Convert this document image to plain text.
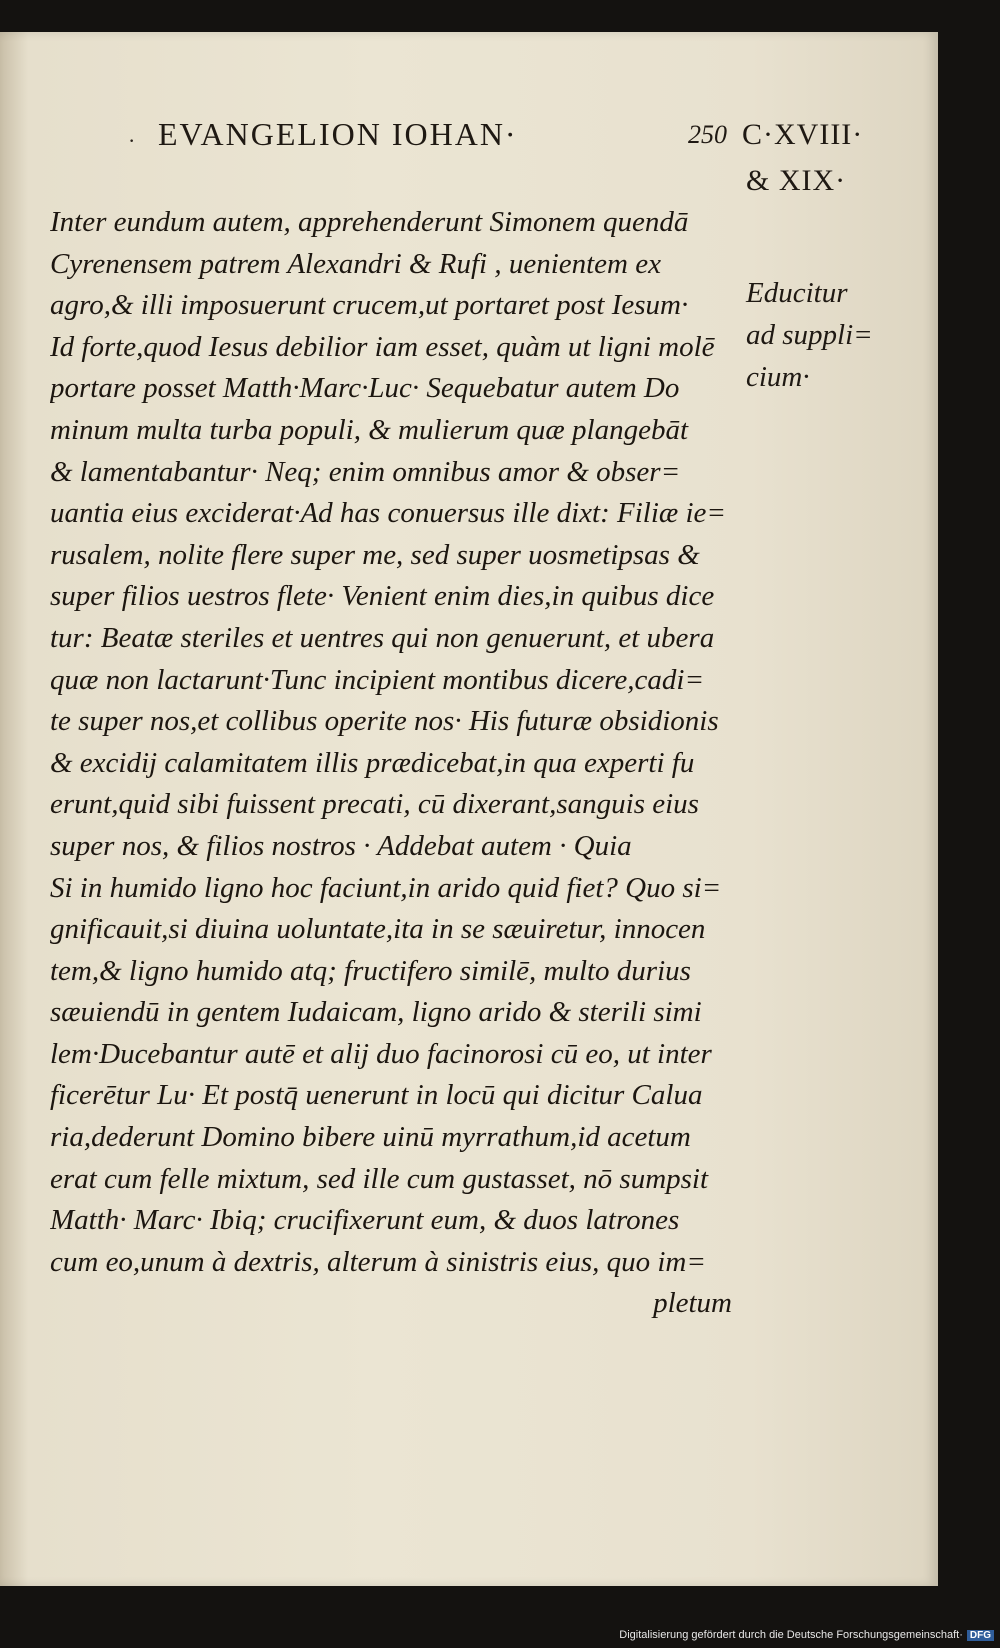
· EVANGELION IOHAN·	250 C·XVIII·
& XIX·
Educitur
ad suppli=
cium·
Inter eundum autem, apprehenderunt Simonem quendā
Cyrenensem patrem Alexandri & Rufi , uenientem ex
agro,& illi imposuerunt crucem,ut portaret post Iesum·
Id forte,quod Iesus debilior iam esset, quàm ut ligni molē
portare posset Matth·Marc·Luc· Sequebatur autem Do
minum multa turba populi, & mulierum quæ plangebāt
& lamentabantur· Neq; enim omnibus amor & obser=
uantia eius exciderat·Ad has conuersus ille dixt: Filiæ ie=
rusalem, nolite flere super me, sed super uosmetipsas &
super filios uestros flete· Venient enim dies,in quibus dice
tur: Beatæ steriles et uentres qui non genuerunt, et ubera
quæ non lactarunt·Tunc incipient montibus dicere,cadi=
te super nos,et collibus operite nos· His futuræ obsidionis
& excidij calamitatem illis prædicebat,in qua experti fu
erunt,quid sibi fuissent precati, cū dixerant,sanguis eius
super nos, & filios nostros · Addebat autem · Quia
Si in humido ligno hoc faciunt,in arido quid fiet? Quo si=
gnificauit,si diuina uoluntate,ita in se sæuiretur, innocen
tem,& ligno humido atq; fructifero similē, multo durius
sæuiendū in gentem Iudaicam, ligno arido & sterili simi
lem·Ducebantur autē et alij duo facinorosi cū eo, ut inter
ficerētur Lu· Et postq̄ uenerunt in locū qui dicitur Calua
ria,dederunt Domino bibere uinū myrrathum,id acetum
erat cum felle mixtum, sed ille cum gustasset, nō sumpsit
Matth· Marc· Ibiq; crucifixerunt eum, & duos latrones
cum eo,unum à dextris, alterum à sinistris eius, quo im=
pletum
Digitalisierung gefördert durch die Deutsche Forschungsgemeinschaft· DFG
